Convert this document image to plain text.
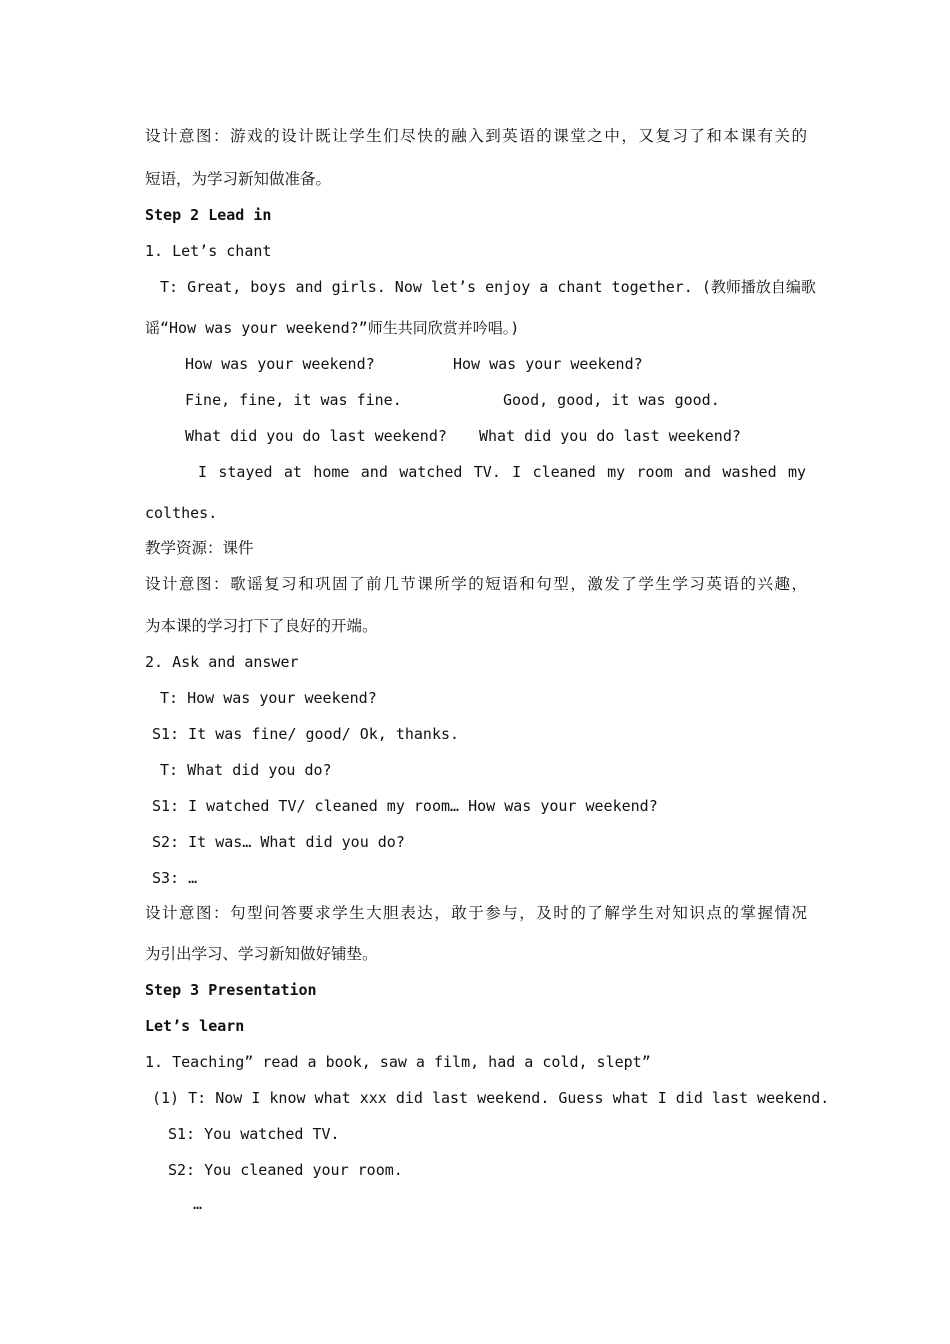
设计意图：游戏的设计既让学生们尽快的融入到英语的课堂之中，又复习了和本课有关的
短语，为学习新知做准备。
Step 2 Lead in
1. Let’s chant
T: Great, boys and girls. Now let’s enjoy a chant together. (教师播放自编歌
谣“How was your weekend?”师生共同欣赏并吟唱。)
How was your weekend?	How was your weekend?
Fine, fine, it was fine.	Good, good, it was good.
What did you do last weekend? What did you do last weekend?
I stayed at home and watched TV. I cleaned my room and washed my
colthes.
教学资源：课件
设计意图：歌谣复习和巩固了前几节课所学的短语和句型，激发了学生学习英语的兴趣，
为本课的学习打下了良好的开端。
2. Ask and answer
T: How was your weekend?
S1: It was fine/ good/ Ok, thanks.
T: What did you do?
S1: I watched TV/ cleaned my room… How was your weekend?
S2: It was… What did you do?
S3: …
设计意图：句型问答要求学生大胆表达，敢于参与，及时的了解学生对知识点的掌握情况
为引出学习、学习新知做好铺垫。
Step 3 Presentation
Let’s learn
1. Teaching” read a book, saw a film, had a cold, slept”
(1) T: Now I know what xxx did last weekend. Guess what I did last weekend.
S1: You watched TV.
S2: You cleaned your room.
…
